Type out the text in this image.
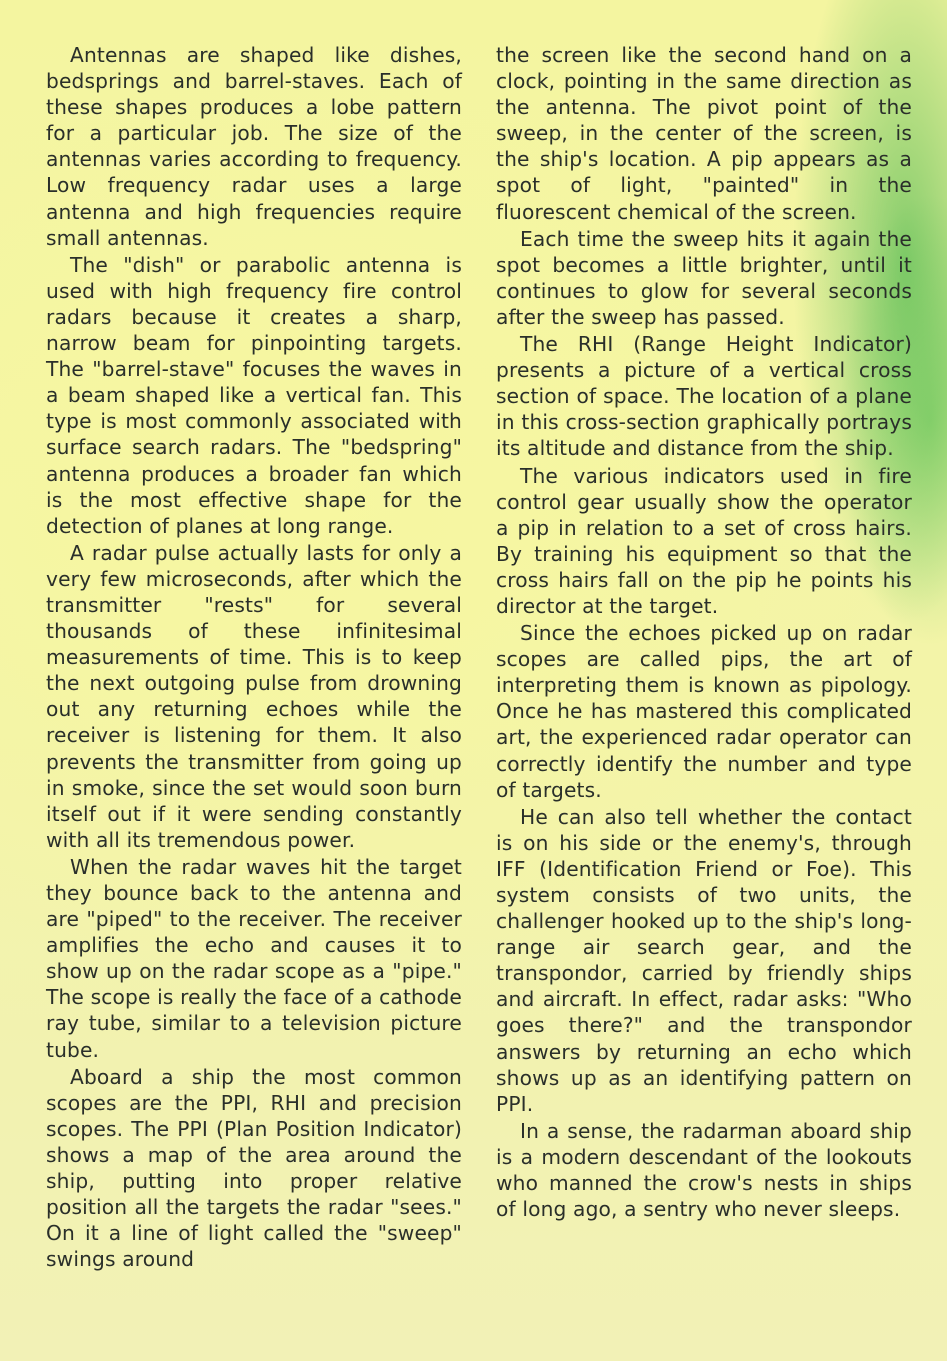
Antennas are shaped like dishes, bedsprings and barrel-staves. Each of these shapes produces a lobe pattern for a particular job. The size of the antennas varies according to frequency. Low frequency radar uses a large antenna and high frequencies require small antennas.

The "dish" or parabolic antenna is used with high frequency fire control radars because it creates a sharp, narrow beam for pinpointing targets. The "barrel-stave" focuses the waves in a beam shaped like a vertical fan. This type is most commonly associated with surface search radars. The "bedspring" antenna produces a broader fan which is the most effective shape for the detection of planes at long range.

A radar pulse actually lasts for only a very few microseconds, after which the transmitter "rests" for several thousands of these infinitesimal measurements of time. This is to keep the next outgoing pulse from drowning out any returning echoes while the receiver is listening for them. It also prevents the transmitter from going up in smoke, since the set would soon burn itself out if it were sending constantly with all its tremendous power.

When the radar waves hit the target they bounce back to the antenna and are "piped" to the receiver. The receiver amplifies the echo and causes it to show up on the radar scope as a "pipe." The scope is really the face of a cathode ray tube, similar to a television picture tube.

Aboard a ship the most common scopes are the PPI, RHI and precision scopes. The PPI (Plan Position Indicator) shows a map of the area around the ship, putting into proper relative position all the targets the radar "sees." On it a line of light called the "sweep" swings around

the screen like the second hand on a clock, pointing in the same direction as the antenna. The pivot point of the sweep, in the center of the screen, is the ship's location. A pip appears as a spot of light, "painted" in the fluorescent chemical of the screen.

Each time the sweep hits it again the spot becomes a little brighter, until it continues to glow for several seconds after the sweep has passed.

The RHI (Range Height Indicator) presents a picture of a vertical cross section of space. The location of a plane in this cross-section graphically portrays its altitude and distance from the ship.

The various indicators used in fire control gear usually show the operator a pip in relation to a set of cross hairs. By training his equipment so that the cross hairs fall on the pip he points his director at the target.

Since the echoes picked up on radar scopes are called pips, the art of interpreting them is known as pipology. Once he has mastered this complicated art, the experienced radar operator can correctly identify the number and type of targets.

He can also tell whether the contact is on his side or the enemy's, through IFF (Identification Friend or Foe). This system consists of two units, the challenger hooked up to the ship's long-range air search gear, and the transpondor, carried by friendly ships and aircraft. In effect, radar asks: "Who goes there?" and the transpondor answers by returning an echo which shows up as an identifying pattern on PPI.

In a sense, the radarman aboard ship is a modern descendant of the lookouts who manned the crow's nests in ships of long ago, a sentry who never sleeps.
